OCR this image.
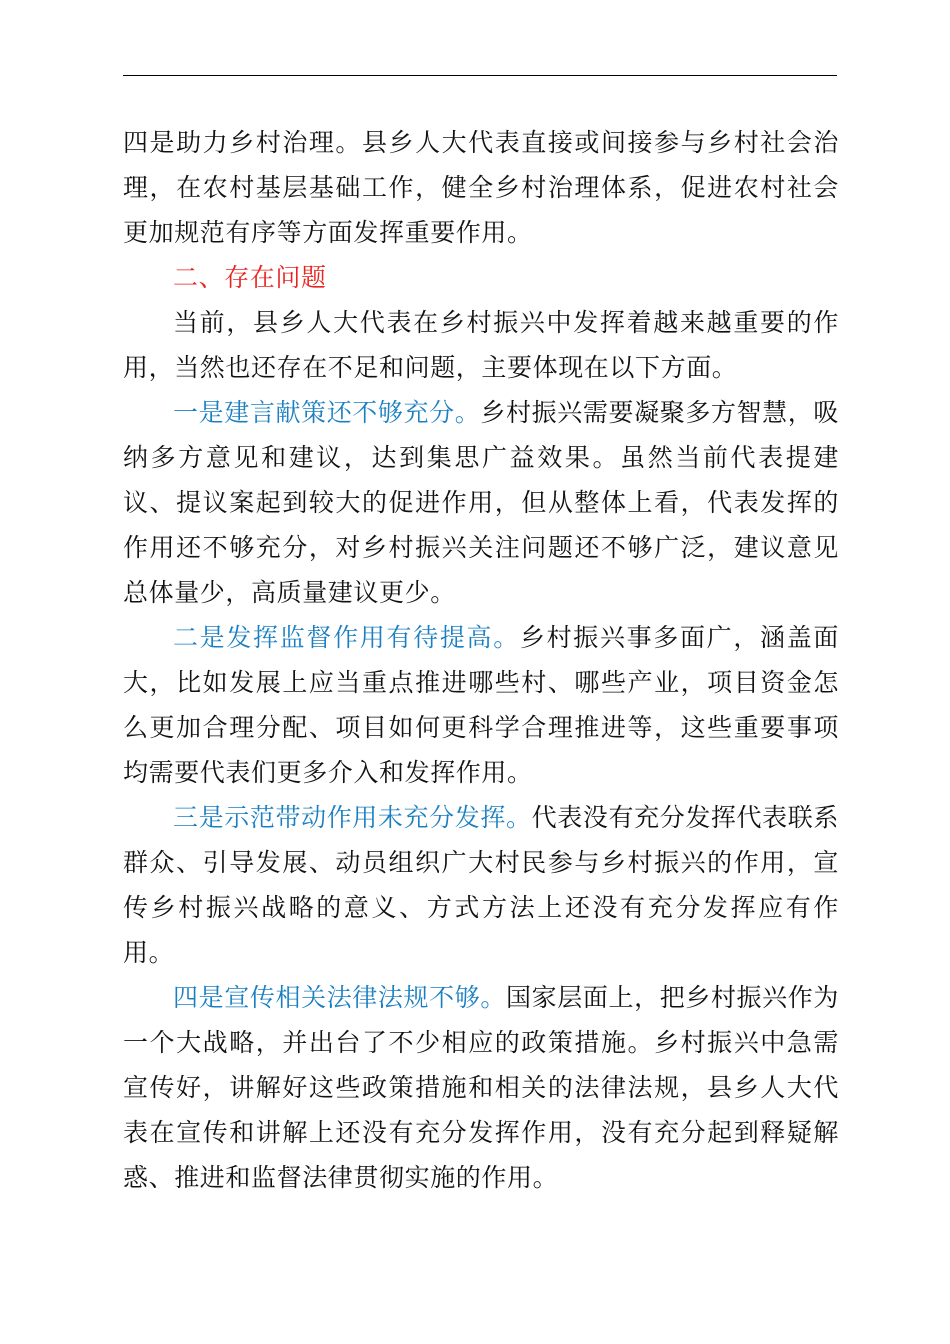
四是助力乡村治理。县乡人大代表直接或间接参与乡村社会治理，在农村基层基础工作，健全乡村治理体系，促进农村社会更加规范有序等方面发挥重要作用。

二、存在问题

当前，县乡人大代表在乡村振兴中发挥着越来越重要的作用，当然也还存在不足和问题，主要体现在以下方面。

一是建言献策还不够充分。乡村振兴需要凝聚多方智慧，吸纳多方意见和建议，达到集思广益效果。虽然当前代表提建议、提议案起到较大的促进作用，但从整体上看，代表发挥的作用还不够充分，对乡村振兴关注问题还不够广泛，建议意见总体量少，高质量建议更少。

二是发挥监督作用有待提高。乡村振兴事多面广，涵盖面大，比如发展上应当重点推进哪些村、哪些产业，项目资金怎么更加合理分配、项目如何更科学合理推进等，这些重要事项均需要代表们更多介入和发挥作用。

三是示范带动作用未充分发挥。代表没有充分发挥代表联系群众、引导发展、动员组织广大村民参与乡村振兴的作用，宣传乡村振兴战略的意义、方式方法上还没有充分发挥应有作用。

四是宣传相关法律法规不够。国家层面上，把乡村振兴作为一个大战略，并出台了不少相应的政策措施。乡村振兴中急需宣传好，讲解好这些政策措施和相关的法律法规，县乡人大代表在宣传和讲解上还没有充分发挥作用，没有充分起到释疑解惑、推进和监督法律贯彻实施的作用。
